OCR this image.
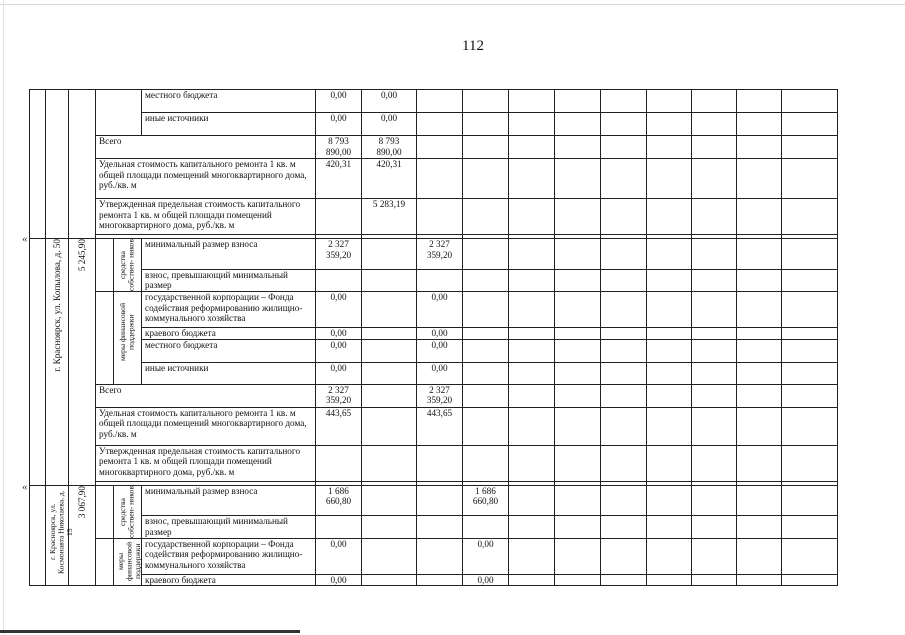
112
«
«
					местного бюджета	0,00	0,00									
					иные источники	0,00	0,00									
			Всего			8 793 890,00	8 793 890,00									
			Удельная стоимость капитального ремонта 1 кв. м общей площади помещений многоквартирного дома, руб./кв. м			420,31	420,31									
			Утвержденная предельная стоимость капитального ремонта 1 кв. м общей площади помещений многоквартирного дома, руб./кв. м				5 283,19									

	г. Красноярск, ул. Копылова, д. 50	5 245,90		средства собствен- ников	минимальный размер взноса	2 327 359,20		2 327 359,20								
					взнос, превышающий минимальный размер											

				меры финансовой поддержки	государственной корпорации – Фонда содействия реформированию жилищно-коммунального хозяйства	0,00		0,00								
					краевого бюджета	0,00		0,00								
					местного бюджета	0,00		0,00								
					иные источники	0,00		0,00								
			Всего			2 327 359,20		2 327 359,20								
			Удельная стоимость капитального ремонта 1 кв. м общей площади помещений многоквартирного дома, руб./кв. м			443,65		443,65								
			Утвержденная предельная стоимость капитального ремонта 1 кв. м общей площади помещений многоквартирного дома, руб./кв. м													

	г. Красноярск, ул. Космонавта Николаева, д. 15	3 067,90		средства собствен- ников	минимальный размер взноса	1 686 660,80			1 686 660,80							
					взнос, превышающий минимальный размер											

				меры финансовой поддержки	государственной корпорации – Фонда содействия реформированию жилищно-коммунального хозяйства	0,00			0,00							
					краевого бюджета	0,00			0,00							
